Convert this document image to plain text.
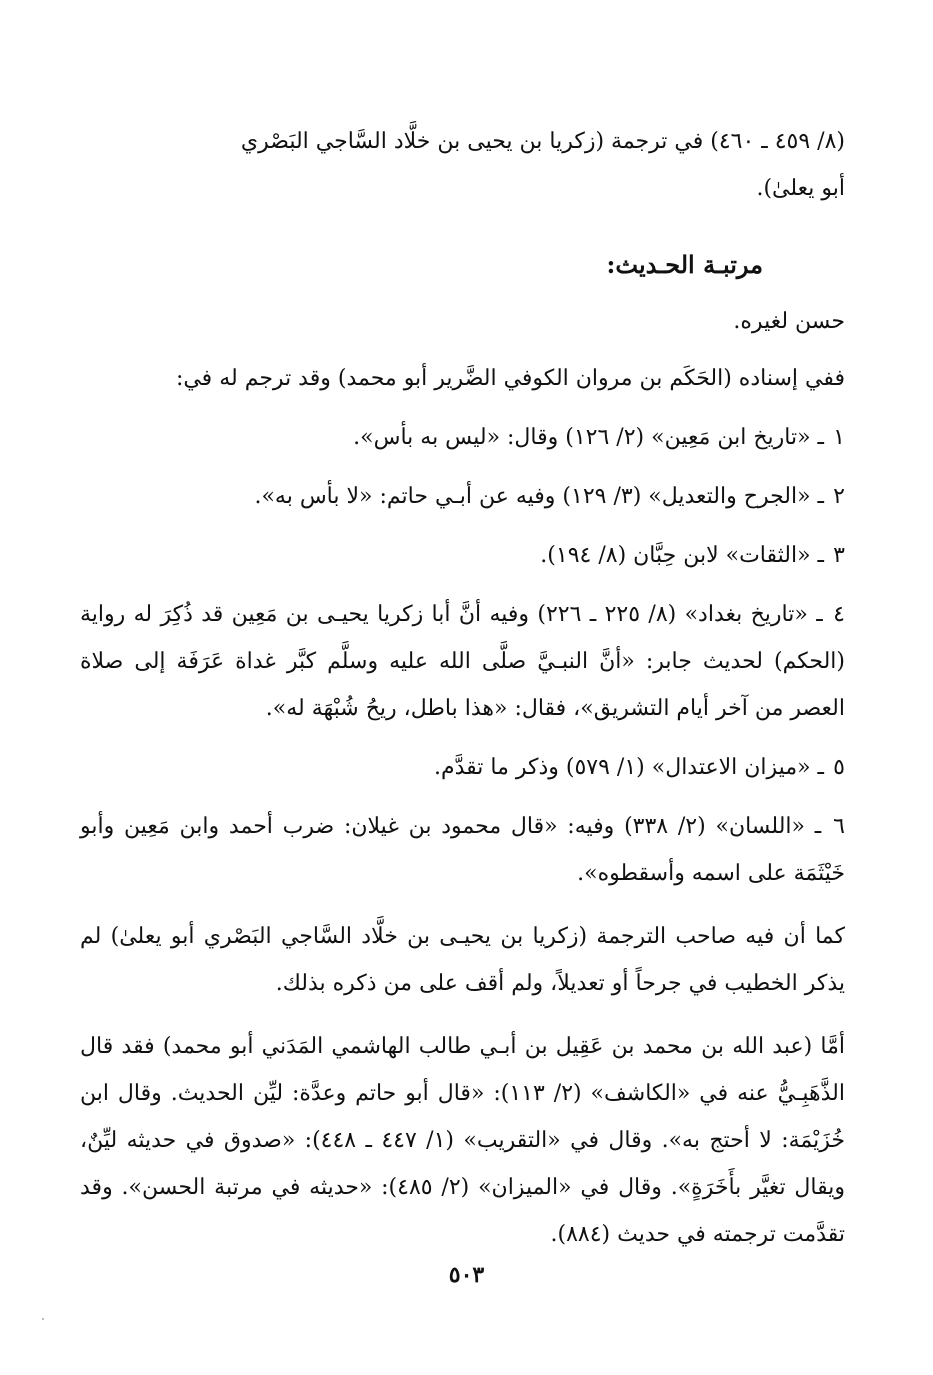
(٨/ ٤٥٩ ـ ٤٦٠) في ترجمة (زكريا بن يحيى بن خلَّاد السَّاجي البَصْري

أبو يعلىٰ).

مرتبـة الحـديث:

حسن لغيره.

ففي إسناده (الحَكَم بن مروان الكوفي الضَّرير أبو محمد) وقد ترجم له في:

١ ـ «تاريخ ابن مَعِين» (٢/ ١٢٦) وقال: «ليس به بأس».

٢ ـ «الجرح والتعديل» (٣/ ١٢٩) وفيه عن أبـي حاتم: «لا بأس به».

٣ ـ «الثقات» لابن حِبَّان (٨/ ١٩٤).

٤ ـ «تاريخ بغداد» (٨/ ٢٢٥ ـ ٢٢٦) وفيه أنَّ أبا زكريا يحيـى بن مَعِين قد ذُكِرَ له رواية (الحكم) لحديث جابر: «أنَّ النبـيَّ صلَّى الله عليه وسلَّم كبَّر غداة عَرَفَة إلى صلاة العصر من آخر أيام التشريق»، فقال: «هذا باطل، ريحُ شُبْهَة له».

٥ ـ «ميزان الاعتدال» (١/ ٥٧٩) وذكر ما تقدَّم.

٦ ـ «اللسان» (٢/ ٣٣٨) وفيه: «قال محمود بن غيلان: ضرب أحمد وابن مَعِين وأبو خَيْثَمَة على اسمه وأسقطوه».

كما أن فيه صاحب الترجمة (زكريا بن يحيـى بن خلَّاد السَّاجي البَصْري أبو يعلىٰ) لم يذكر الخطيب في جرحاً أو تعديلاً، ولم أقف على من ذكره بذلك.

أمَّا (عبد الله بن محمد بن عَقِيل بن أبـي طالب الهاشمي المَدَني أبو محمد) فقد قال الذَّهَبِـيُّ عنه في «الكاشف» (٢/ ١١٣): «قال أبو حاتم وعدَّة: ليِّن الحديث. وقال ابن خُزَيْمَة: لا أحتج به». وقال في «التقريب» (١/ ٤٤٧ ـ ٤٤٨): «صدوق في حديثه ليِّنٌ، ويقال تغيَّر بأَخَرَةٍ». وقال في «الميزان» (٢/ ٤٨٥): «حديثه في مرتبة الحسن». وقد تقدَّمت ترجمته في حديث (٨٨٤).

٥٠٣
